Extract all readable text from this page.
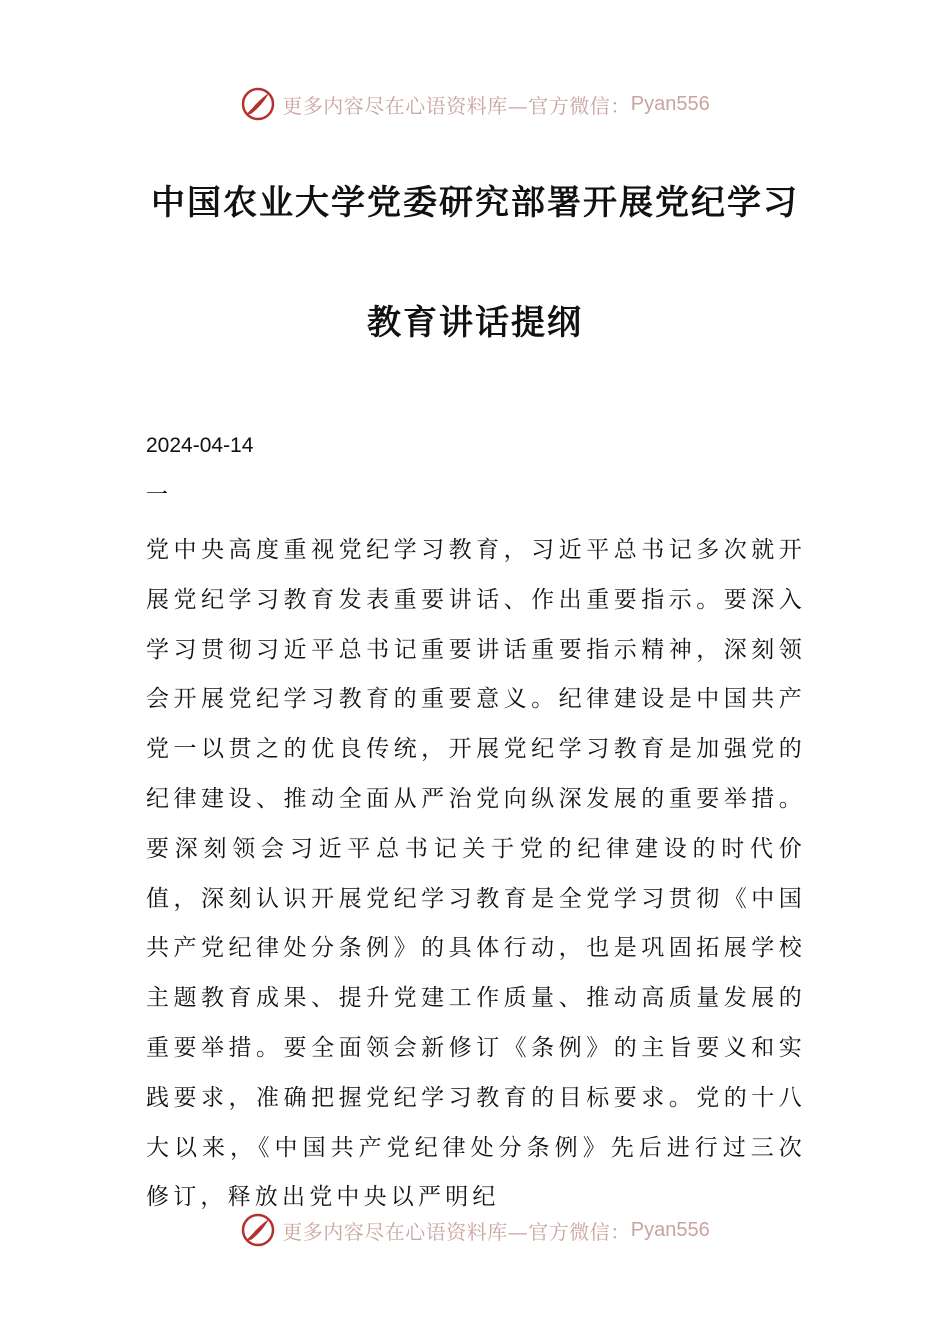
更多内容尽在心语资料库—官方微信： Pyan556
中国农业大学党委研究部署开展党纪学习
教育讲话提纲
2024-04-14
一
党中央高度重视党纪学习教育，习近平总书记多次就开展党纪学习教育发表重要讲话、作出重要指示。要深入学习贯彻习近平总书记重要讲话重要指示精神，深刻领会开展党纪学习教育的重要意义。纪律建设是中国共产党一以贯之的优良传统，开展党纪学习教育是加强党的纪律建设、推动全面从严治党向纵深发展的重要举措。要深刻领会习近平总书记关于党的纪律建设的时代价值，深刻认识开展党纪学习教育是全党学习贯彻《中国共产党纪律处分条例》的具体行动，也是巩固拓展学校主题教育成果、提升党建工作质量、推动高质量发展的重要举措。要全面领会新修订《条例》的主旨要义和实践要求，准确把握党纪学习教育的目标要求。党的十八大以来，《中国共产党纪律处分条例》先后进行过三次修订，释放出党中央以严明纪
更多内容尽在心语资料库—官方微信： Pyan556
